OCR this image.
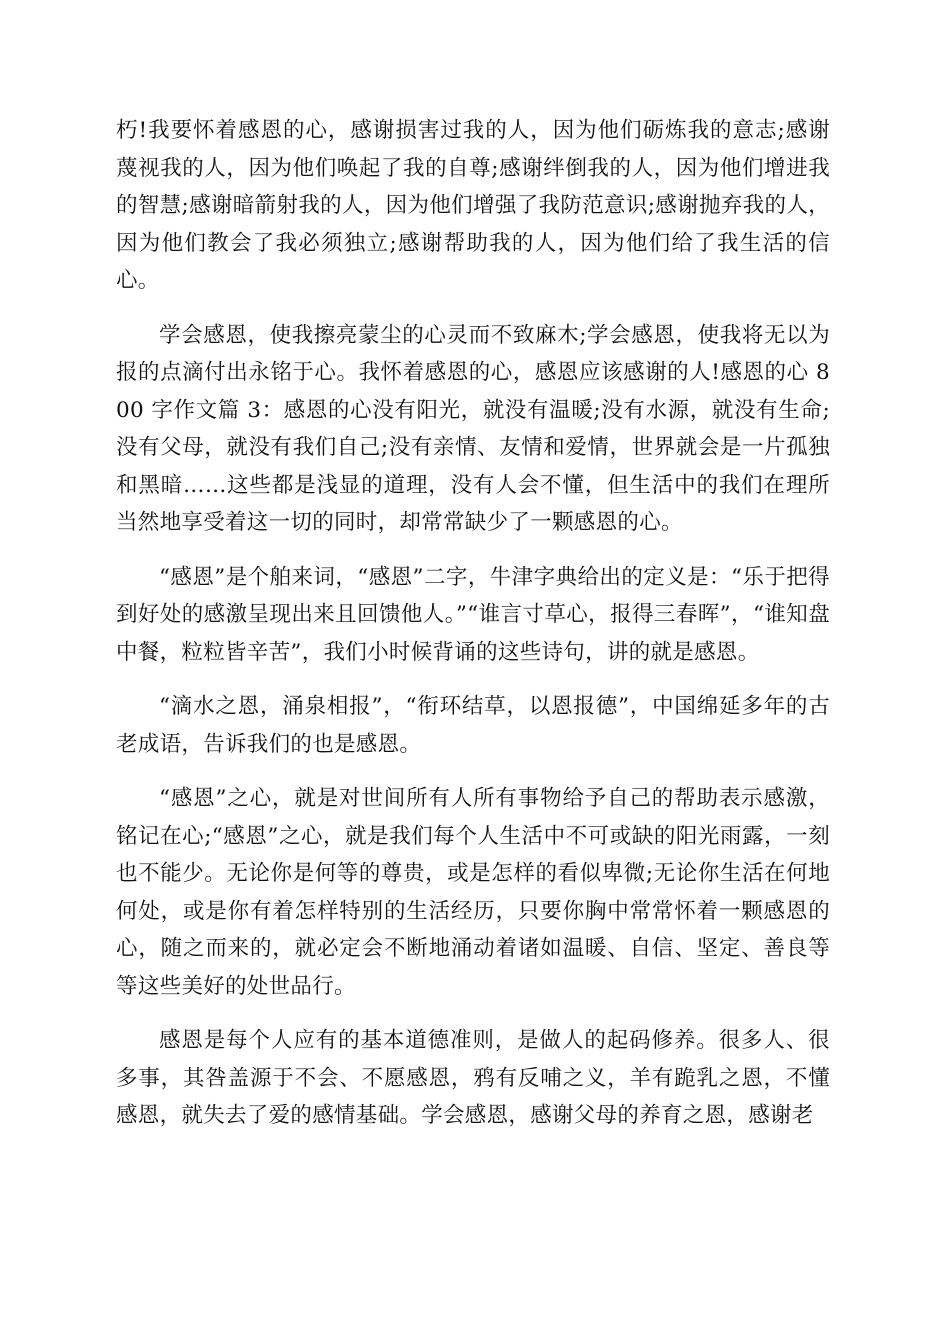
朽!我要怀着感恩的心，感谢损害过我的人，因为他们砺炼我的意志;感谢蔑视我的人，因为他们唤起了我的自尊;感谢绊倒我的人，因为他们增进我的智慧;感谢暗箭射我的人，因为他们增强了我防范意识;感谢抛弃我的人，因为他们教会了我必须独立;感谢帮助我的人，因为他们给了我生活的信心。

学会感恩，使我擦亮蒙尘的心灵而不致麻木;学会感恩，使我将无以为报的点滴付出永铭于心。我怀着感恩的心，感恩应该感谢的人!感恩的心 800 字作文篇 3：感恩的心没有阳光，就没有温暖;没有水源，就没有生命;没有父母，就没有我们自己;没有亲情、友情和爱情，世界就会是一片孤独和黑暗……这些都是浅显的道理，没有人会不懂，但生活中的我们在理所当然地享受着这一切的同时，却常常缺少了一颗感恩的心。

“感恩”是个舶来词，“感恩”二字，牛津字典给出的定义是：“乐于把得到好处的感激呈现出来且回馈他人。”“谁言寸草心，报得三春晖”，“谁知盘中餐，粒粒皆辛苦”，我们小时候背诵的这些诗句，讲的就是感恩。

“滴水之恩，涌泉相报”，“衔环结草，以恩报德”，中国绵延多年的古老成语，告诉我们的也是感恩。

“感恩”之心，就是对世间所有人所有事物给予自己的帮助表示感激，铭记在心;“感恩”之心，就是我们每个人生活中不可或缺的阳光雨露，一刻也不能少。无论你是何等的尊贵，或是怎样的看似卑微;无论你生活在何地何处，或是你有着怎样特别的生活经历，只要你胸中常常怀着一颗感恩的心，随之而来的，就必定会不断地涌动着诸如温暖、自信、坚定、善良等等这些美好的处世品行。

感恩是每个人应有的基本道德准则，是做人的起码修养。很多人、很多事，其咎盖源于不会、不愿感恩，鸦有反哺之义，羊有跪乳之恩，不懂感恩，就失去了爱的感情基础。学会感恩，感谢父母的养育之恩，感谢老
